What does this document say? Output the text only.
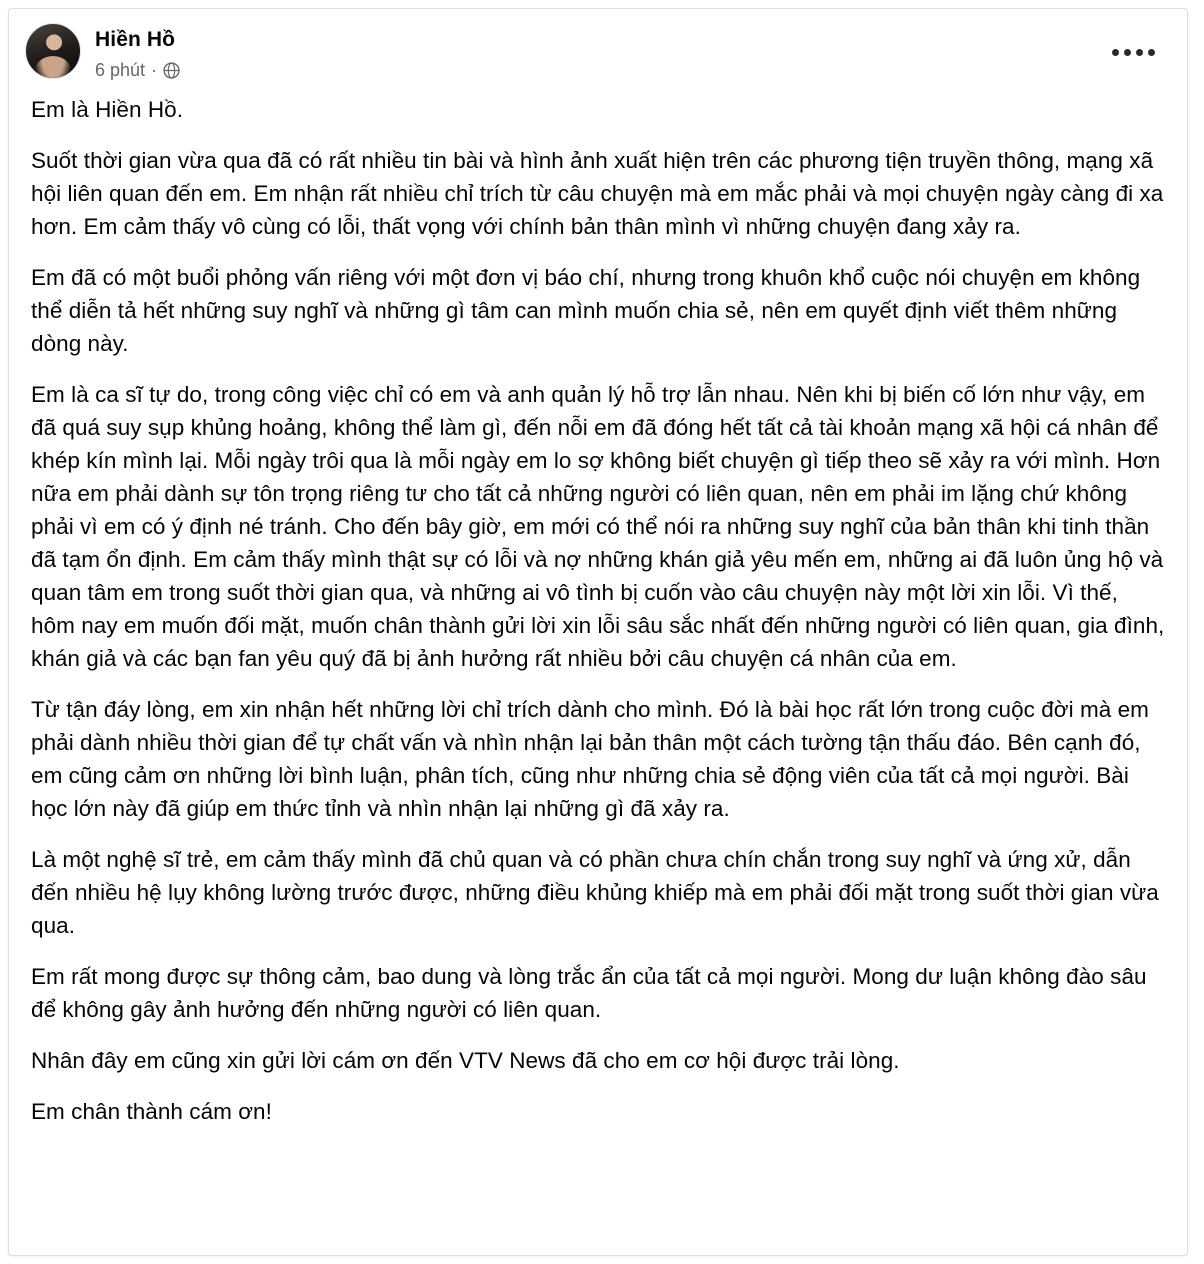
Hiền Hồ
6 phút ·

Em là Hiền Hồ.

Suốt thời gian vừa qua đã có rất nhiều tin bài và hình ảnh xuất hiện trên các phương tiện truyền thông, mạng xã hội liên quan đến em. Em nhận rất nhiều chỉ trích từ câu chuyện mà em mắc phải và mọi chuyện ngày càng đi xa hơn. Em cảm thấy vô cùng có lỗi, thất vọng với chính bản thân mình vì những chuyện đang xảy ra.

Em đã có một buổi phỏng vấn riêng với một đơn vị báo chí, nhưng trong khuôn khổ cuộc nói chuyện em không thể diễn tả hết những suy nghĩ và những gì tâm can mình muốn chia sẻ, nên em quyết định viết thêm những dòng này.

Em là ca sĩ tự do, trong công việc chỉ có em và anh quản lý hỗ trợ lẫn nhau. Nên khi bị biến cố lớn như vậy, em đã quá suy sụp khủng hoảng, không thể làm gì, đến nỗi em đã đóng hết tất cả tài khoản mạng xã hội cá nhân để khép kín mình lại. Mỗi ngày trôi qua là mỗi ngày em lo sợ không biết chuyện gì tiếp theo sẽ xảy ra với mình. Hơn nữa em phải dành sự tôn trọng riêng tư cho tất cả những người có liên quan, nên em phải im lặng chứ không phải vì em có ý định né tránh. Cho đến bây giờ, em mới có thể nói ra những suy nghĩ của bản thân khi tinh thần đã tạm ổn định. Em cảm thấy mình thật sự có lỗi và nợ những khán giả yêu mến em, những ai đã luôn ủng hộ và quan tâm em trong suốt thời gian qua, và những ai vô tình bị cuốn vào câu chuyện này một lời xin lỗi. Vì thế, hôm nay em muốn đối mặt, muốn chân thành gửi lời xin lỗi sâu sắc nhất đến những người có liên quan, gia đình, khán giả và các bạn fan yêu quý đã bị ảnh hưởng rất nhiều bởi câu chuyện cá nhân của em.

Từ tận đáy lòng, em xin nhận hết những lời chỉ trích dành cho mình. Đó là bài học rất lớn trong cuộc đời mà em phải dành nhiều thời gian để tự chất vấn và nhìn nhận lại bản thân một cách tường tận thấu đáo. Bên cạnh đó, em cũng cảm ơn những lời bình luận, phân tích, cũng như những chia sẻ động viên của tất cả mọi người. Bài học lớn này đã giúp em thức tỉnh và nhìn nhận lại những gì đã xảy ra.

Là một nghệ sĩ trẻ, em cảm thấy mình đã chủ quan và có phần chưa chín chắn trong suy nghĩ và ứng xử, dẫn đến nhiều hệ lụy không lường trước được, những điều khủng khiếp mà em phải đối mặt trong suốt thời gian vừa qua.

Em rất mong được sự thông cảm, bao dung và lòng trắc ẩn của tất cả mọi người. Mong dư luận không đào sâu để không gây ảnh hưởng đến những người có liên quan.

Nhân đây em cũng xin gửi lời cám ơn đến VTV News đã cho em cơ hội được trải lòng.

Em chân thành cám ơn!
